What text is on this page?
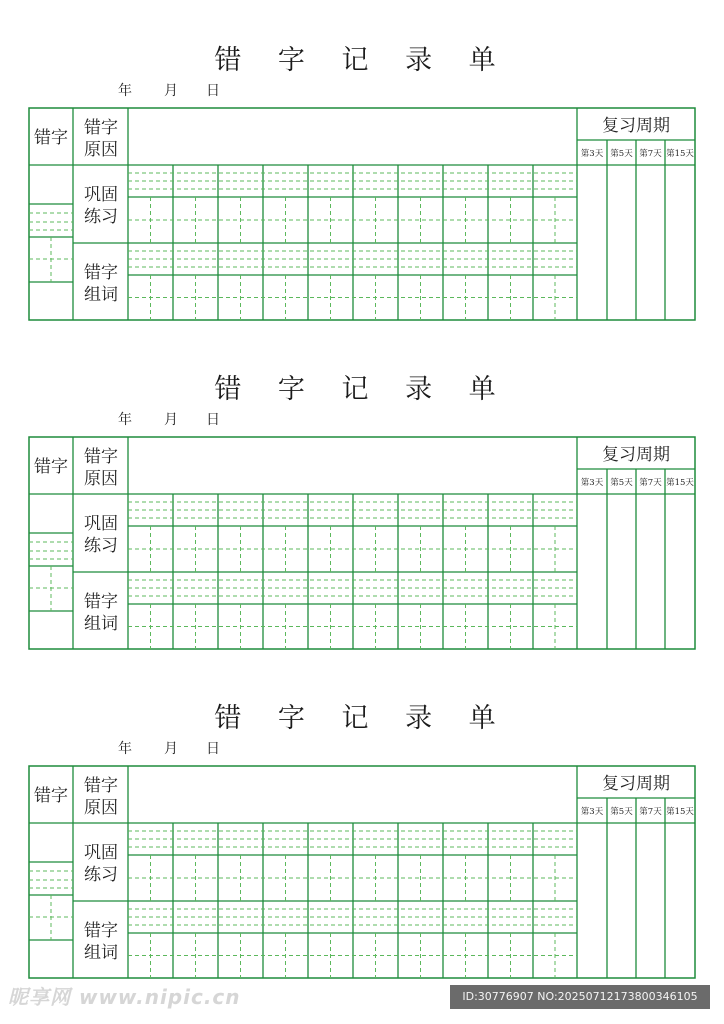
错 字 记 录 单
年 月 日
错字 错字
原因
巩固
练习
错字
组词
复习周期
第3天 第5天 第7天 第15天
错 字 记 录 单
年 月 日
错字 错字
原因
巩固
练习
错字
组词
复习周期
第3天 第5天 第7天 第15天
错 字 记 录 单
年 月 日
错字 错字
原因
巩固
练习
错字
组词
复习周期
第3天 第5天 第7天 第15天
昵享网 www.nipic.cn	ID:30776907 NO:20250712173800346105
